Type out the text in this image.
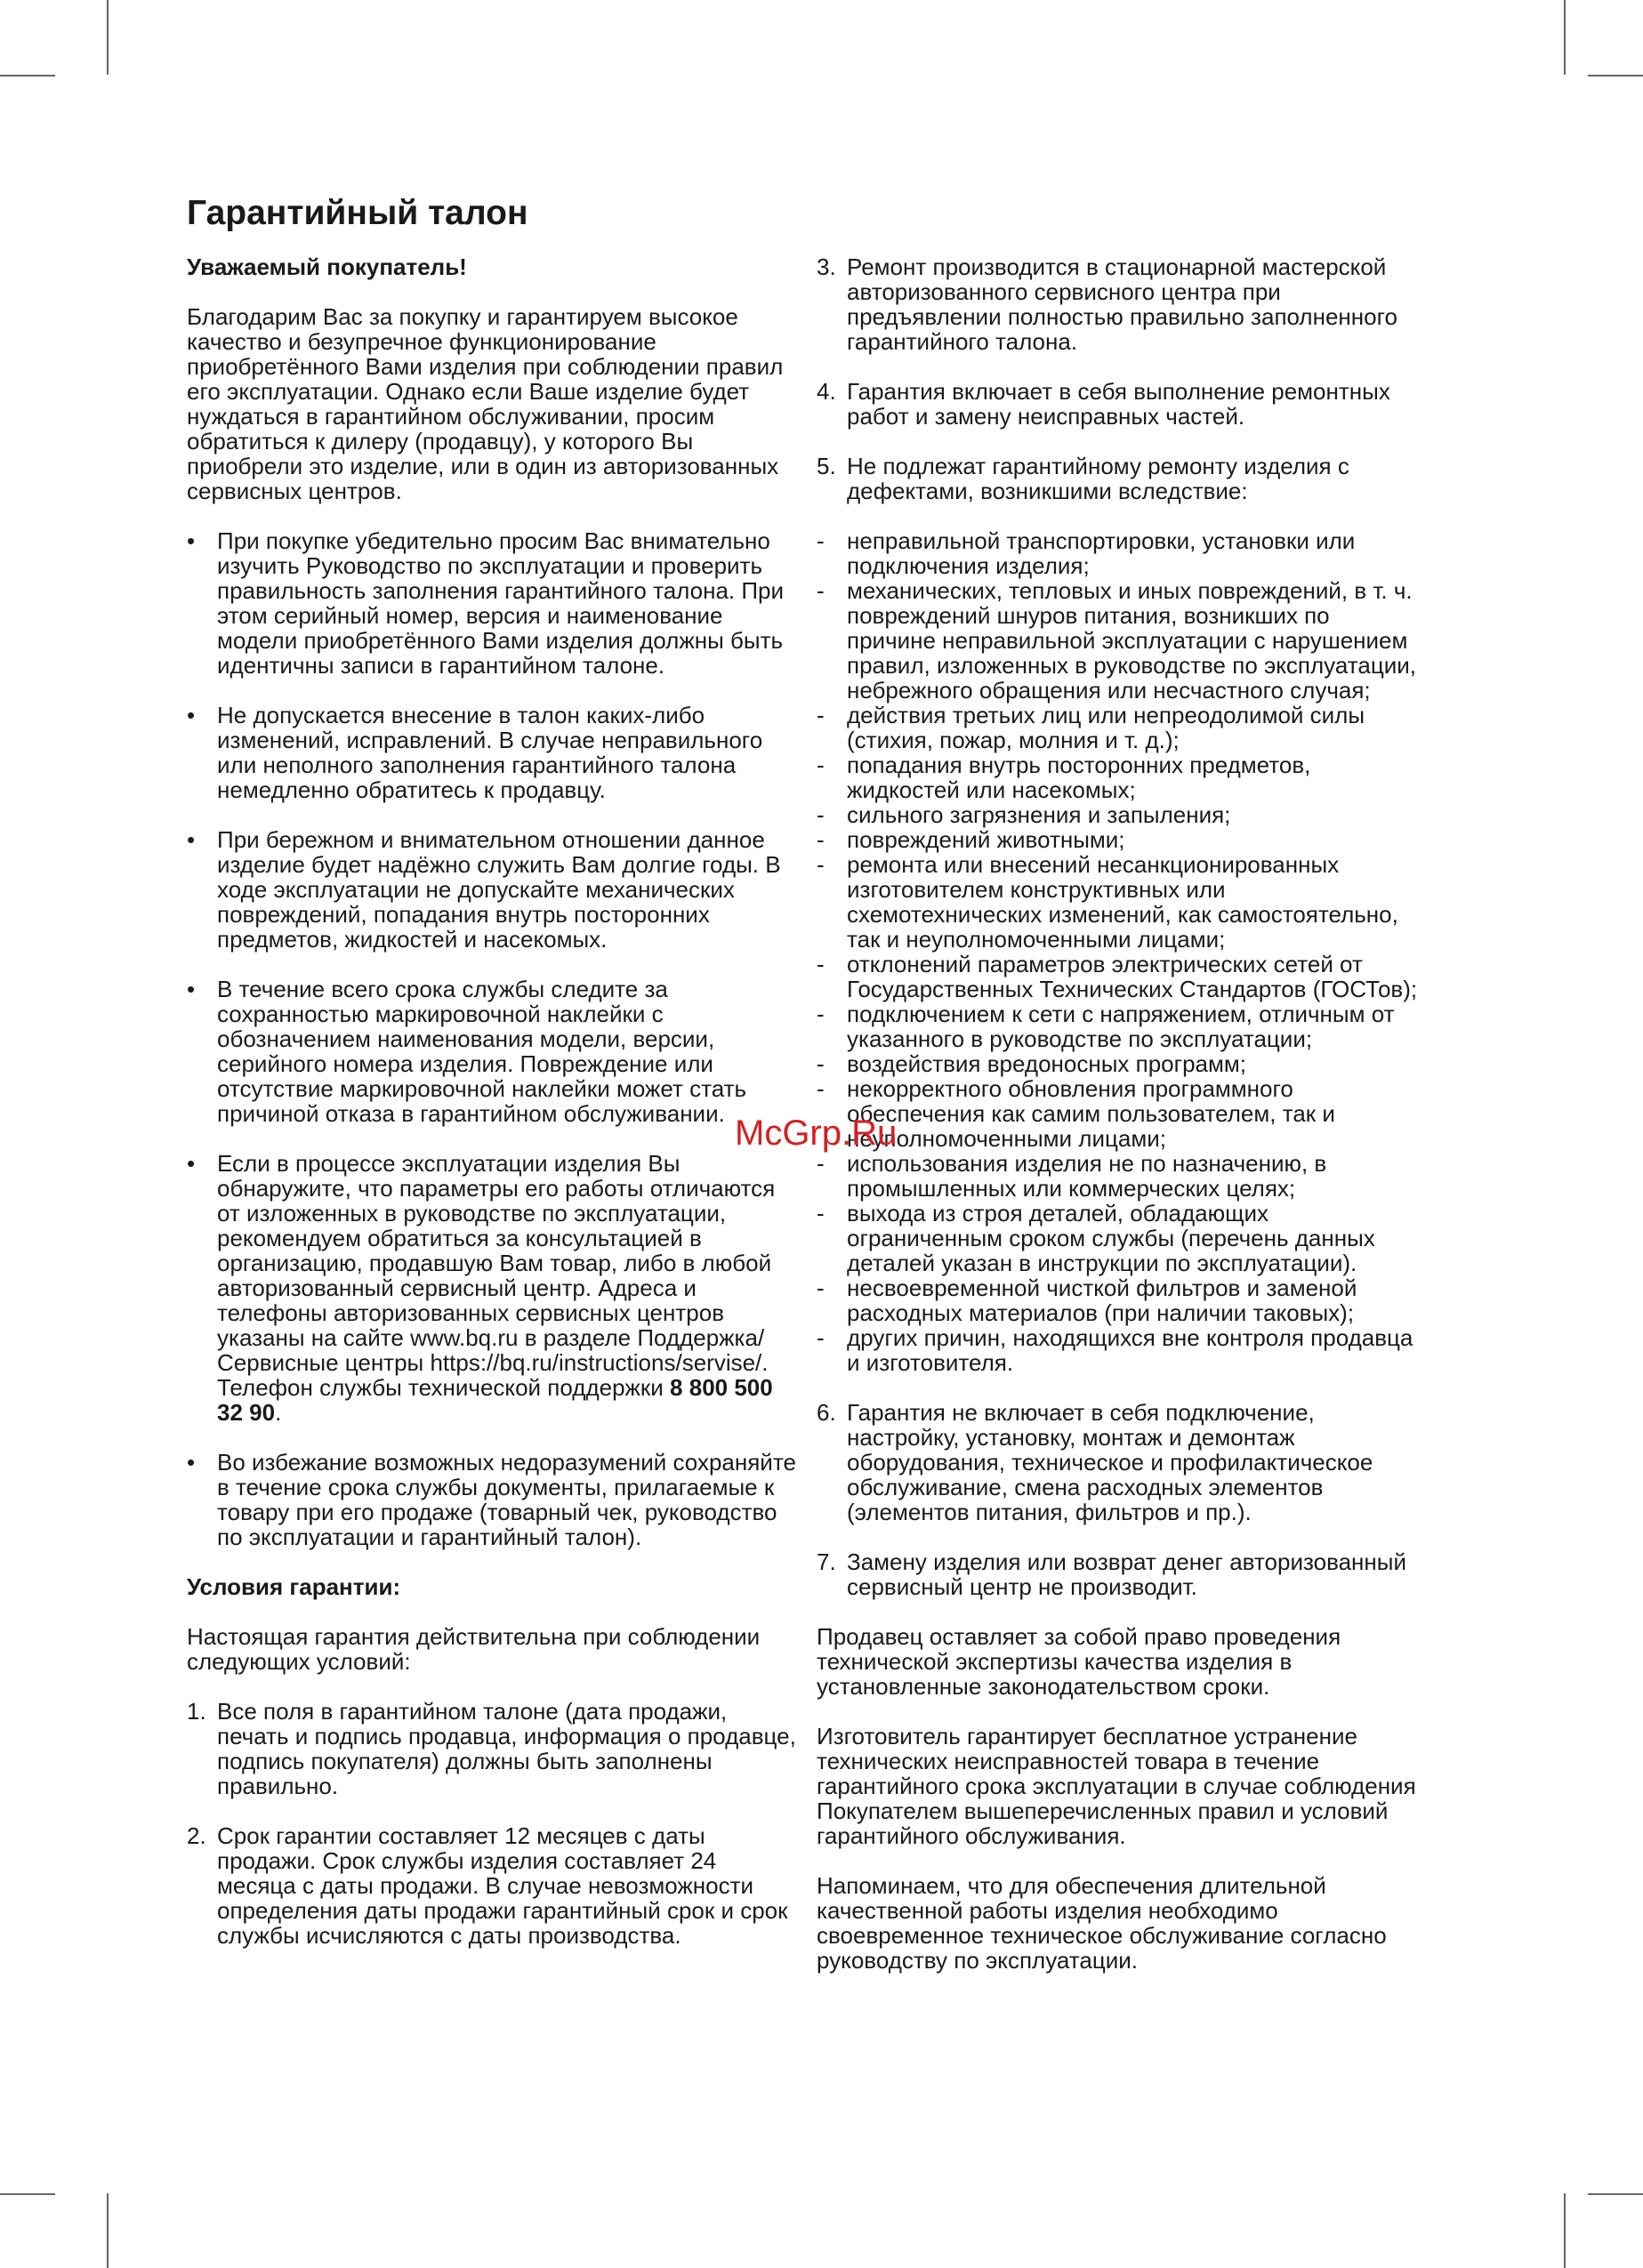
Гарантийный талон

Уважаемый покупатель!

Благодарим Вас за покупку и гарантируем высокое качество и безупречное функционирование приобретённого Вами изделия при соблюдении правил его эксплуатации. Однако если Ваше изделие будет нуждаться в гарантийном обслуживании, просим обратиться к дилеру (продавцу), у которого Вы приобрели это изделие, или в один из авторизованных сервисных центров.

• При покупке убедительно просим Вас внимательно изучить Руководство по эксплуатации и проверить правильность заполнения гарантийного талона. При этом серийный номер, версия и наименование модели приобретённого Вами изделия должны быть идентичны записи в гарантийном талоне.
• Не допускается внесение в талон каких-либо изменений, исправлений. В случае неправильного или неполного заполнения гарантийного талона немедленно обратитесь к продавцу.
• При бережном и внимательном отношении данное изделие будет надёжно служить Вам долгие годы. В ходе эксплуатации не допускайте механических повреждений, попадания внутрь посторонних предметов, жидкостей и насекомых.
• В течение всего срока службы следите за сохранностью маркировочной наклейки с обозначением наименования модели, версии, серийного номера изделия. Повреждение или отсутствие маркировочной наклейки может стать причиной отказа в гарантийном обслуживании.
• Если в процессе эксплуатации изделия Вы обнаружите, что параметры его работы отличаются от изложенных в руководстве по эксплуатации, рекомендуем обратиться за консультацией в организацию, продавшую Вам товар, либо в любой авторизованный сервисный центр. Адреса и телефоны авторизованных сервисных центров указаны на сайте www.bq.ru в разделе Поддержка/Сервисные центры https://bq.ru/instructions/servise/. Телефон службы технической поддержки 8 800 500 32 90.
• Во избежание возможных недоразумений сохраняйте в течение срока службы документы, прилагаемые к товару при его продаже (товарный чек, руководство по эксплуатации и гарантийный талон).

Условия гарантии:

Настоящая гарантия действительна при соблюдении следующих условий:

1. Все поля в гарантийном талоне (дата продажи, печать и подпись продавца, информация о продавце, подпись покупателя) должны быть заполнены правильно.
2. Срок гарантии составляет 12 месяцев с даты продажи. Срок службы изделия составляет 24 месяца с даты продажи. В случае невозможности определения даты продажи гарантийный срок и срок службы исчисляются с даты производства.
3. Ремонт производится в стационарной мастерской авторизованного сервисного центра при предъявлении полностью правильно заполненного гарантийного талона.
4. Гарантия включает в себя выполнение ремонтных работ и замену неисправных частей.
5. Не подлежат гарантийному ремонту изделия с дефектами, возникшими вследствие:
- неправильной транспортировки, установки или подключения изделия;
- механических, тепловых и иных повреждений, в т. ч. повреждений шнуров питания, возникших по причине неправильной эксплуатации с нарушением правил, изложенных в руководстве по эксплуатации, небрежного обращения или несчастного случая;
- действия третьих лиц или непреодолимой силы (стихия, пожар, молния и т. д.);
- попадания внутрь посторонних предметов, жидкостей или насекомых;
- сильного загрязнения и запыления;
- повреждений животными;
- ремонта или внесений несанкционированных изготовителем конструктивных или схемотехнических изменений, как самостоятельно, так и неуполномоченными лицами;
- отклонений параметров электрических сетей от Государственных Технических Стандартов (ГОСТов);
- подключением к сети с напряжением, отличным от указанного в руководстве по эксплуатации;
- воздействия вредоносных программ;
- некорректного обновления программного обеспечения как самим пользователем, так и неуполномоченными лицами;
- использования изделия не по назначению, в промышленных или коммерческих целях;
- выхода из строя деталей, обладающих ограниченным сроком службы (перечень данных деталей указан в инструкции по эксплуатации).
- несвоевременной чисткой фильтров и заменой расходных материалов (при наличии таковых);
- других причин, находящихся вне контроля продавца и изготовителя.
6. Гарантия не включает в себя подключение, настройку, установку, монтаж и демонтаж оборудования, техническое и профилактическое обслуживание, смена расходных элементов (элементов питания, фильтров и пр.).
7. Замену изделия или возврат денег авторизованный сервисный центр не производит.

Продавец оставляет за собой право проведения технической экспертизы качества изделия в установленные законодательством сроки.

Изготовитель гарантирует бесплатное устранение технических неисправностей товара в течение гарантийного срока эксплуатации в случае соблюдения Покупателем вышеперечисленных правил и условий гарантийного обслуживания.

Напоминаем, что для обеспечения длительной качественной работы изделия необходимо своевременное техническое обслуживание согласно руководству по эксплуатации.

McGrp.Ru
